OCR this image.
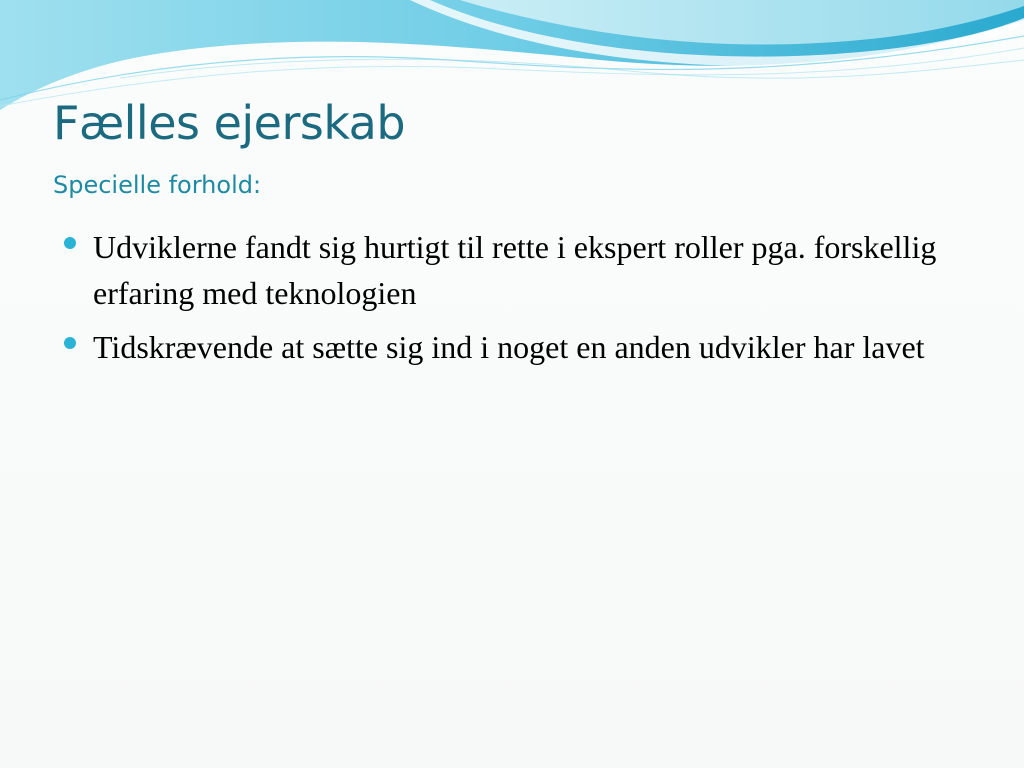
Fælles ejerskab
Specielle forhold:
Udviklerne fandt sig hurtigt til rette i ekspert roller pga. forskellig erfaring med teknologien
Tidskrævende at sætte sig ind i noget en anden udvikler har lavet
